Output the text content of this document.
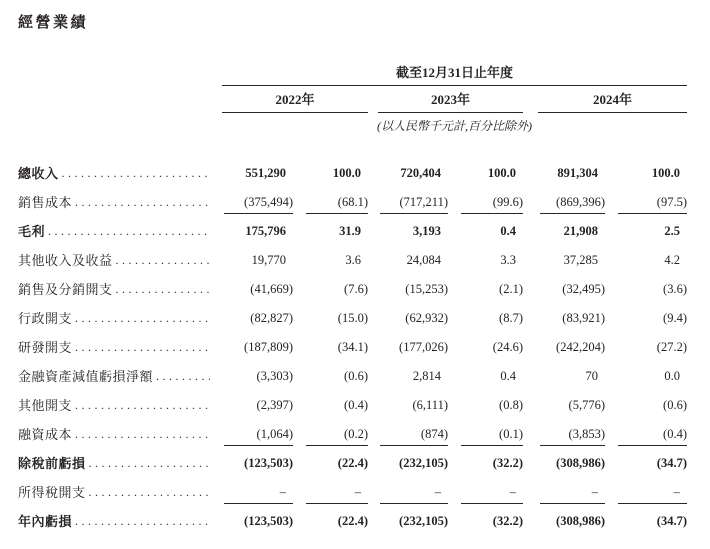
經營業績
截至12月31日止年度
2022年	2023年	2024年
(以人民幣千元計,百分比除外)
總收入 .....	551,290	100.0	720,404	100.0	891,304	100.0
銷售成本 .....	(375,494)	(68.1)	(717,211)	(99.6)	(869,396)	(97.5)
毛利 .....	175,796	31.9	3,193	0.4	21,908	2.5
其他收入及收益 .....	19,770	3.6	24,084	3.3	37,285	4.2
銷售及分銷開支 .....	(41,669)	(7.6)	(15,253)	(2.1)	(32,495)	(3.6)
行政開支 .....	(82,827)	(15.0)	(62,932)	(8.7)	(83,921)	(9.4)
研發開支 .....	(187,809)	(34.1)	(177,026)	(24.6)	(242,204)	(27.2)
金融資產減值虧損淨額 .....	(3,303)	(0.6)	2,814	0.4	70	0.0
其他開支 .....	(2,397)	(0.4)	(6,111)	(0.8)	(5,776)	(0.6)
融資成本 .....	(1,064)	(0.2)	(874)	(0.1)	(3,853)	(0.4)
除稅前虧損 .....	(123,503)	(22.4)	(232,105)	(32.2)	(308,986)	(34.7)
所得稅開支 .....	–	–	–	–	–	–
年內虧損 .....	(123,503)	(22.4)	(232,105)	(32.2)	(308,986)	(34.7)
